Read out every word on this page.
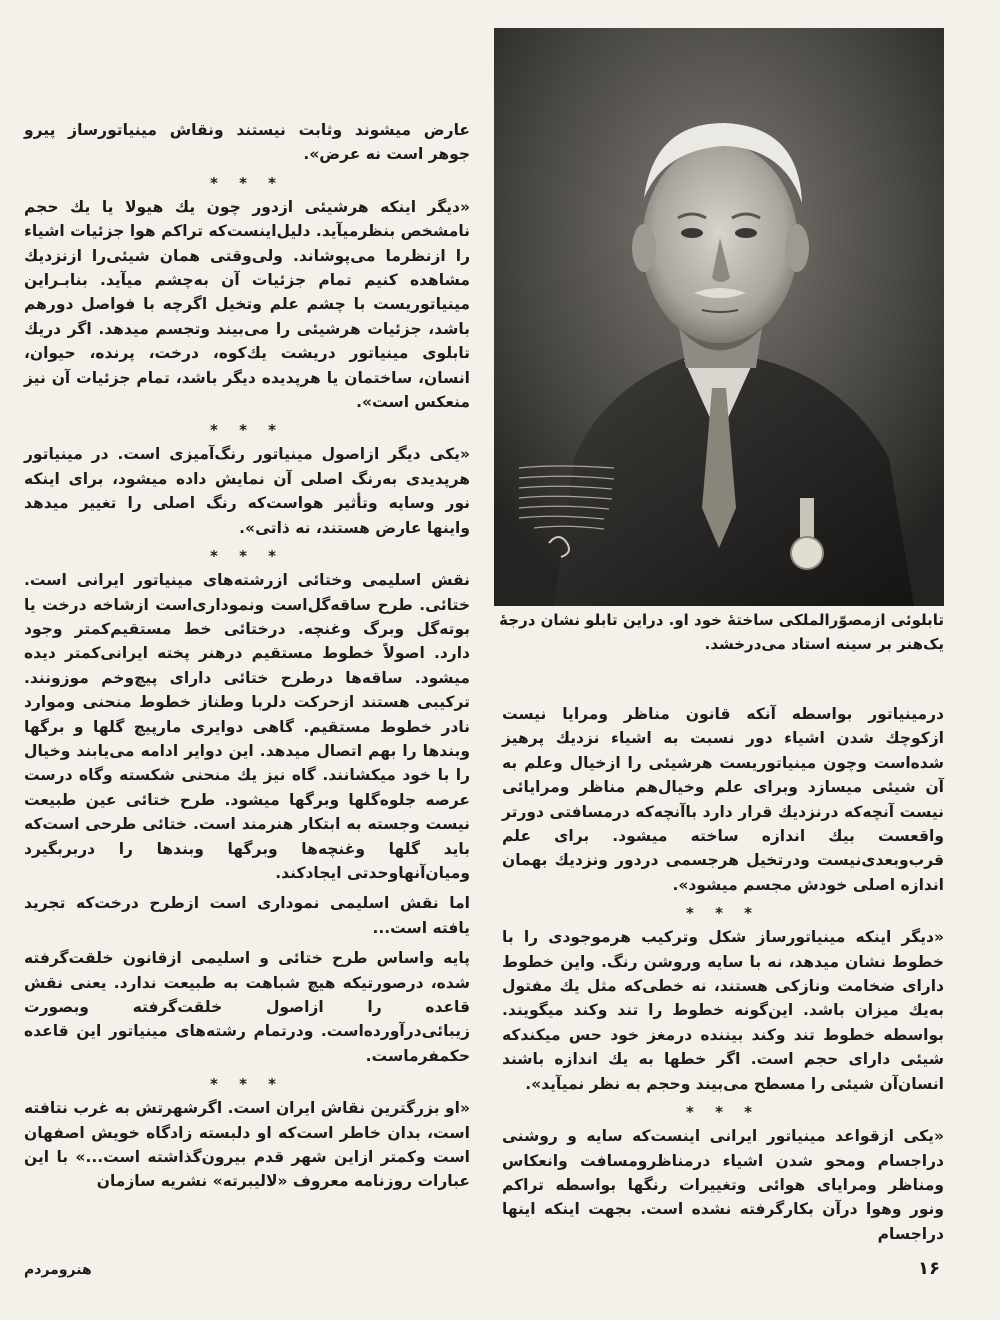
عارض میشوند وثابت نیستند ونقاش مینیاتورساز پیرو جوهر است نه عرض».

* * *

«دیگر اینکه هرشیئی ازدور چون یك هیولا یا یك حجم نامشخص بنظرمیآید. دلیل‌اینست‌که تراکم هوا جزئیات اشیاء را ازنظرما می‌پوشاند. ولی‌وقتی همان شیئی‌را ازنزدیك مشاهده کنیم تمام جزئیات آن به‌چشم میآید. بنابـراین مینیاتوریست با چشم علم وتخیل اگرچه با فواصل دورهم باشد، جزئیات هرشیئی را می‌بیند وتجسم میدهد. اگر دریك تابلوی مینیاتور دریشت یك‌کوه، درخت، پرنده، حیوان، انسان، ساختمان یا هرپدیده دیگر باشد، تمام جزئیات آن نیز منعکس است».

* * *

«یکی دیگر ازاصول مینیاتور رنگ‌آمیزی است. در مینیاتور هرپدیدی به‌رنگ اصلی آن نمایش داده میشود، برای اینکه نور وسایه وتأثیر هواست‌که رنگ اصلی را تغییر میدهد واینها عارض هستند، نه ذاتی».

* * *

نقش اسلیمی وختائی ازرشته‌های مینیاتور ایرانی است. ختائی. طرح ساقه‌گل‌است ونموداری‌است ازشاخه درخت یا بوته‌گل وبرگ وغنچه. درختائی خط مستقیم‌کمتر وجود دارد. اصولاً خطوط مستقیم درهنر پخته ایرانی‌کمتر دیده میشود. ساقه‌ها درطرح ختائی دارای پیچ‌وخم موزونند. ترکیبی هستند ازحرکت دلربا وطناز خطوط منحنی وموارد نادر خطوط مستقیم. گاهی دوایری مارپیچ گلها و برگها وبندها را بهم اتصال میدهد. این دوایر ادامه می‌یابند وخیال را با خود میکشانند. گاه نیز یك منحنی شکسته وگاه درست عرصه جلوه‌گلها وبرگها میشود. طرح ختائی عین طبیعت نیست وجسته به ابتکار هنرمند است. ختائی طرحی است‌که باید گلها وغنچه‌ها وبرگها وبندها را دربربگیرد ومیان‌آنهاوحدتی ایجادکند.

اما نقش اسلیمی نموداری است ازطرح درخت‌که تجرید یافته است...

پایه واساس طرح ختائی و اسلیمی ازقانون خلقت‌گرفته شده، درصورتیکه هیچ شباهت به طبیعت ندارد. یعنی نقش قاعده را ازاصول خلقت‌گرفته وبصورت زیبائی‌درآورده‌است. ودرتمام رشته‌های مینیاتور این قاعده حکمفرماست.

* * *

«او بزرگترین نقاش ایران است. اگرشهرتش به غرب نتافته است، بدان خاطر است‌که او دلبسته زادگاه خویش اصفهان است وکمتر ازاین شهر قدم بیرون‌گذاشته است...» با این عبارات روزنامه معروف «لالیبرته» نشریه سازمان

تابلوئی ازمصوّرالملکی ساختهٔ خود او. دراین تابلو نشان درجهٔ یک‌هنر بر سینه استاد می‌درخشد.

درمینیاتور بواسطه آنکه قانون مناظر ومرایا نیست ازکوچك شدن اشیاء دور نسبت به اشیاء نزدیك پرهیز شده‌است وچون مینیاتوریست هرشیئی را ازخیال وعلم به آن شیئی میسازد وبرای علم وخیال‌هم مناظر ومرایائی نیست آنچه‌که درنزدیك قرار دارد باآنچه‌که درمسافتی دورتر واقعست بیك اندازه ساخته میشود. برای علم قرب‌وبعدی‌نیست ودرتخیل هرجسمی دردور ونزدیك بهمان اندازه اصلی خودش مجسم میشود».

* * *

«دیگر اینکه مینیاتورساز شکل وترکیب هرموجودی را با خطوط نشان میدهد، نه با سایه وروشن رنگ. واین خطوط دارای ضخامت ونازکی هستند، نه خطی‌که مثل یك مفتول به‌یك میزان باشد. این‌گونه خطوط را تند وکند میگویند. بواسطه خطوط تند وکند بیننده درمغز خود حس میکند‌که شیئی دارای حجم است. اگر خطها به یك اندازه باشند انسان‌آن شیئی را مسطح می‌بیند وحجم به نظر نمیآید».

* * *

«یکی ازقواعد مینیاتور ایرانی اینست‌که سایه و روشنی دراجسام ومحو شدن اشیاء درمناظرومسافت وانعکاس ومناظر ومرایای هوائی وتغییرات رنگها بواسطه تراکم ونور وهوا درآن بکارگرفته نشده است. بجهت اینکه اینها دراجسام

هنرومردم	۱۶
